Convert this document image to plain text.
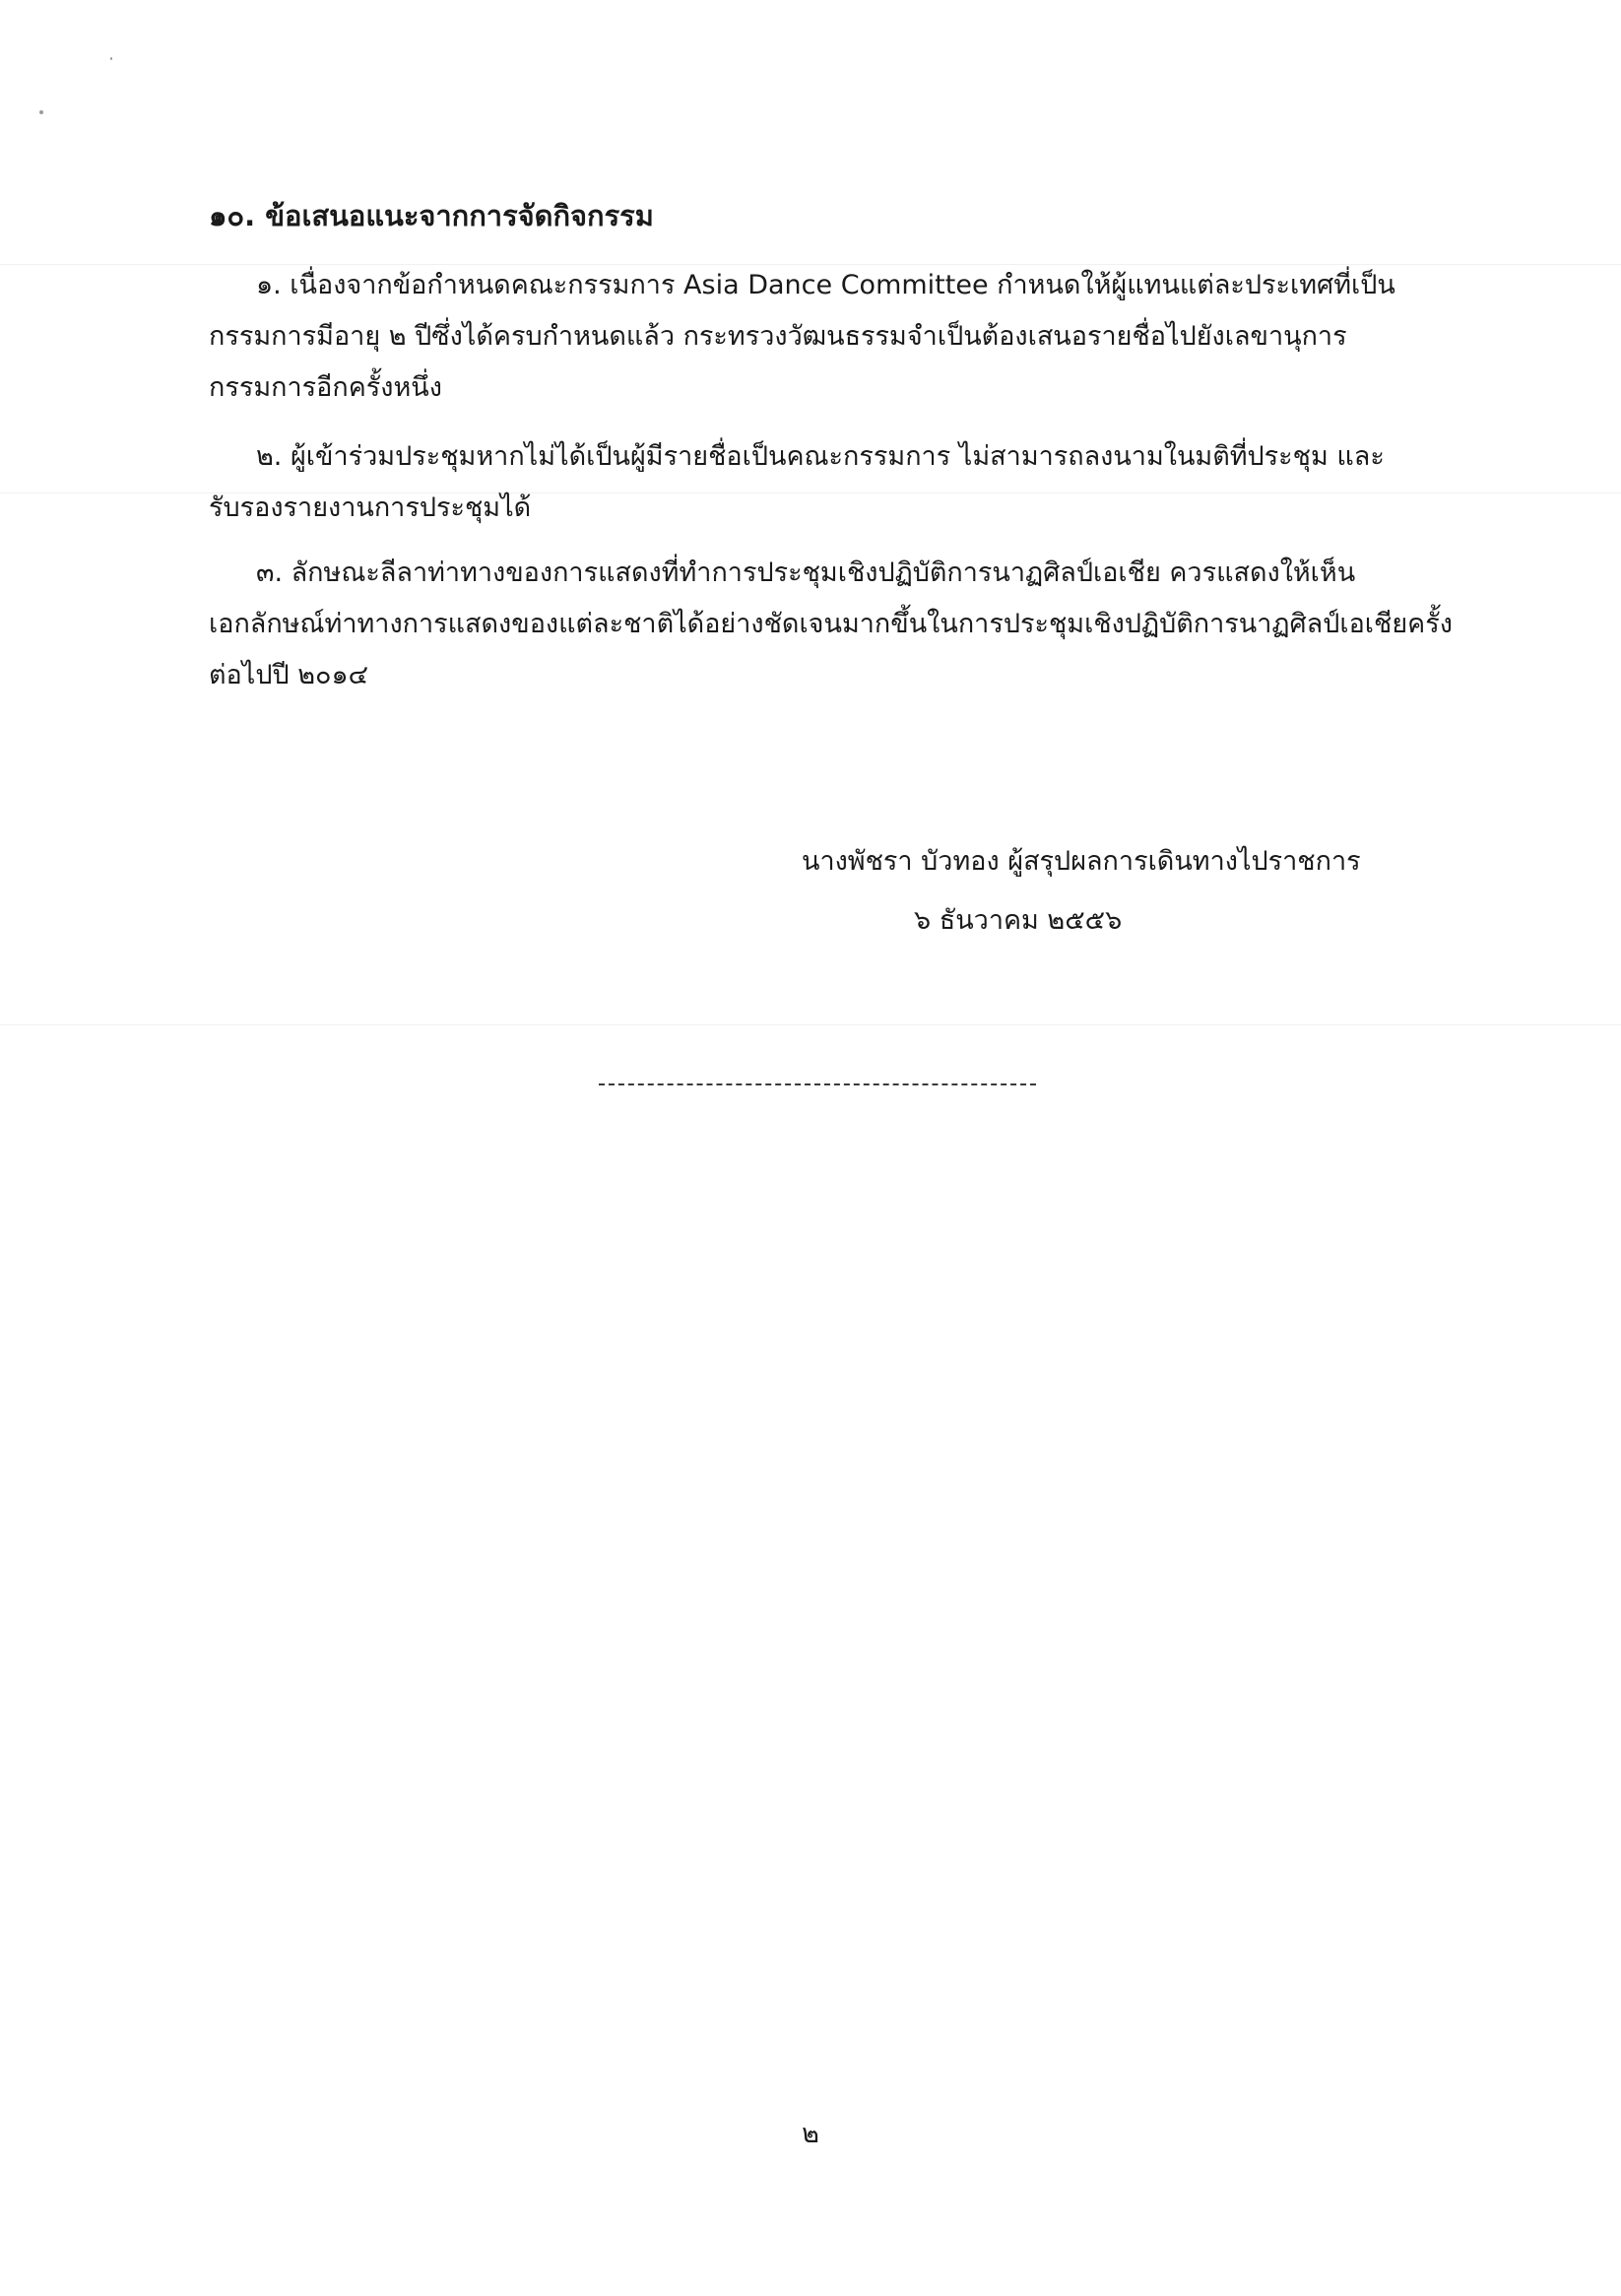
๑๐. ข้อเสนอแนะจากการจัดกิจกรรม
๑. เนื่องจากข้อกำหนดคณะกรรมการ Asia Dance Committee กำหนดให้ผู้แทนแต่ละประเทศที่เป็น
กรรมการมีอายุ ๒ ปีซึ่งได้ครบกำหนดแล้ว กระทรวงวัฒนธรรมจำเป็นต้องเสนอรายชื่อไปยังเลขานุการ
กรรมการอีกครั้งหนึ่ง
๒. ผู้เข้าร่วมประชุมหากไม่ได้เป็นผู้มีรายชื่อเป็นคณะกรรมการ ไม่สามารถลงนามในมติที่ประชุม และ
รับรองรายงานการประชุมได้
๓. ลักษณะลีลาท่าทางของการแสดงที่ทำการประชุมเชิงปฏิบัติการนาฏศิลป์เอเชีย ควรแสดงให้เห็น
เอกลักษณ์ท่าทางการแสดงของแต่ละชาติได้อย่างชัดเจนมากขึ้นในการประชุมเชิงปฏิบัติการนาฏศิลป์เอเชียครั้ง
ต่อไปปี ๒๐๑๔
นางพัชรา บัวทอง ผู้สรุปผลการเดินทางไปราชการ
๖ ธันวาคม ๒๕๕๖
๒
